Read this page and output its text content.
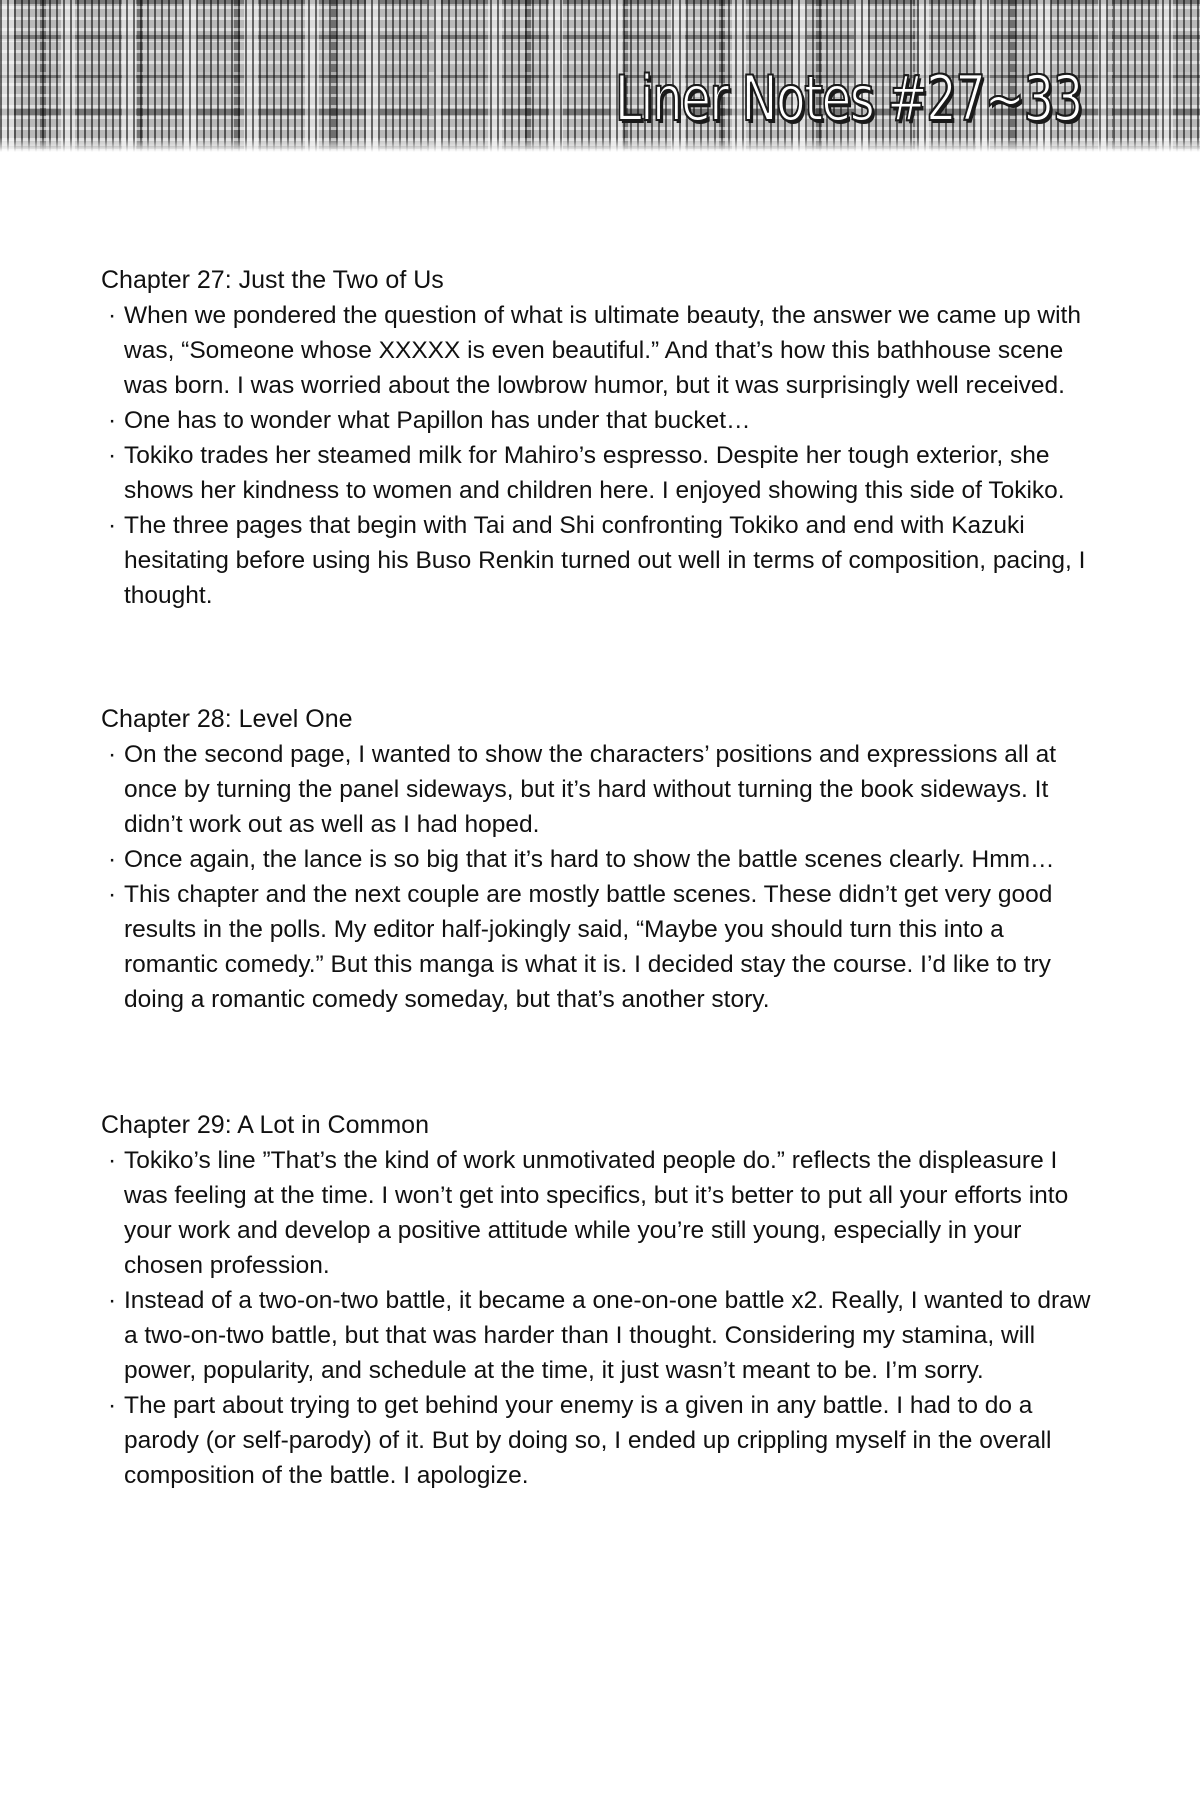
Liner Notes #27~33
Chapter 27: Just the Two of Us
· When we pondered the question of what is ultimate beauty, the answer we came up with was, “Someone whose XXXXX is even beautiful.” And that’s how this bathhouse scene was born. I was worried about the lowbrow humor, but it was surprisingly well received.
· One has to wonder what Papillon has under that bucket…
· Tokiko trades her steamed milk for Mahiro’s espresso. Despite her tough exterior, she shows her kindness to women and children here. I enjoyed showing this side of Tokiko.
· The three pages that begin with Tai and Shi confronting Tokiko and end with Kazuki hesitating before using his Buso Renkin turned out well in terms of composition, pacing, I thought.
Chapter 28: Level One
· On the second page, I wanted to show the characters’ positions and expressions all at once by turning the panel sideways, but it’s hard without turning the book sideways. It didn’t work out as well as I had hoped.
· Once again, the lance is so big that it’s hard to show the battle scenes clearly. Hmm…
· This chapter and the next couple are mostly battle scenes. These didn’t get very good results in the polls. My editor half-jokingly said, “Maybe you should turn this into a romantic comedy.” But this manga is what it is. I decided stay the course. I’d like to try doing a romantic comedy someday, but that’s another story.
Chapter 29: A Lot in Common
· Tokiko’s line ”That’s the kind of work unmotivated people do.” reflects the displeasure I was feeling at the time. I won’t get into specifics, but it’s better to put all your efforts into your work and develop a positive attitude while you’re still young, especially in your chosen profession.
· Instead of a two-on-two battle, it became a one-on-one battle x2. Really, I wanted to draw a two-on-two battle, but that was harder than I thought. Considering my stamina, will power, popularity, and schedule at the time, it just wasn’t meant to be. I’m sorry.
· The part about trying to get behind your enemy is a given in any battle. I had to do a parody (or self-parody) of it. But by doing so, I ended up crippling myself in the overall composition of the battle. I apologize.
